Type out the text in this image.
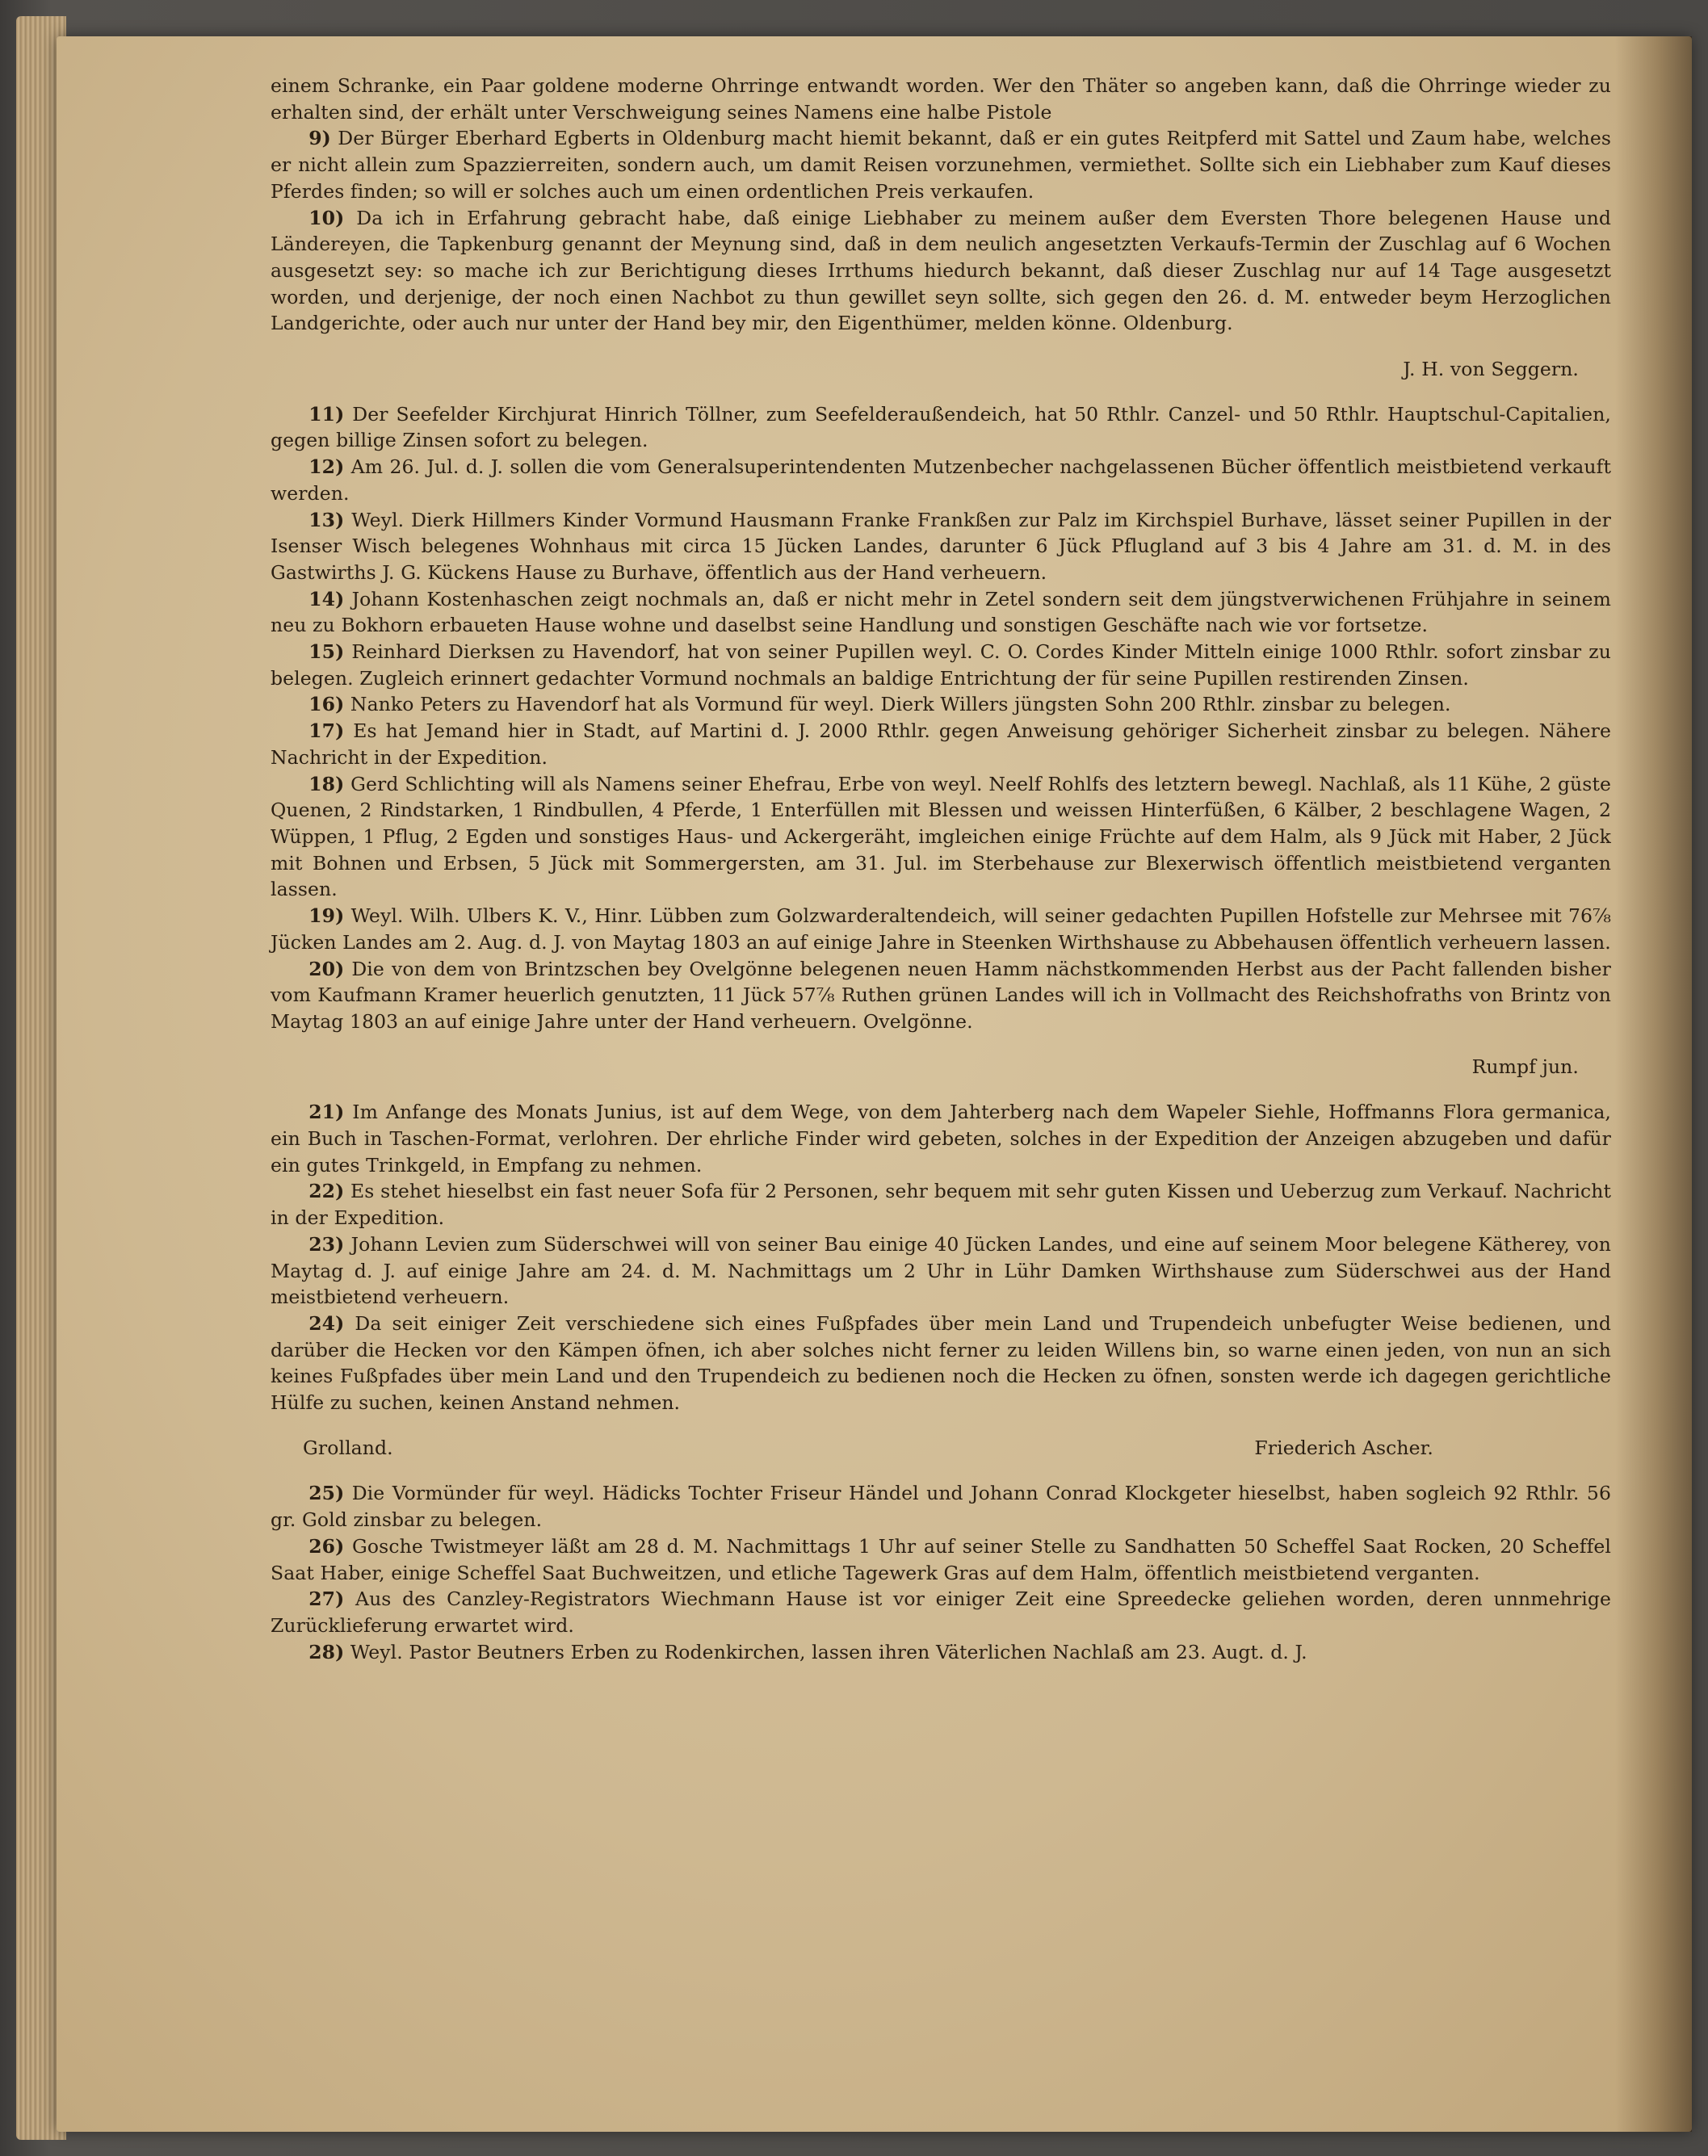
einem Schranke, ein Paar goldene moderne Ohrringe entwandt worden. Wer den Thäter so angeben kann, daß die Ohrringe wieder zu erhalten sind, der erhält unter Verschweigung seines Namens eine halbe Pistole

  9) Der Bürger Eberhard Egberts in Oldenburg macht hiemit bekannt, daß er ein gutes Reitpferd mit Sattel und Zaum habe, welches er nicht allein zum Spazzierreiten, sondern auch, um damit Reisen vorzunehmen, vermiethet. Sollte sich ein Liebhaber zum Kauf dieses Pferdes finden; so will er solches auch um einen ordentlichen Preis verkaufen.

  10) Da ich in Erfahrung gebracht habe, daß einige Liebhaber zu meinem außer dem Eversten Thore belegenen Hause und Ländereyen, die Tapkenburg genannt der Meynung sind, daß in dem neulich angesetzten Verkaufs-Termin der Zuschlag auf 6 Wochen ausgesetzt sey: so mache ich zur Berichtigung dieses Irrthums hiedurch bekannt, daß dieser Zuschlag nur auf 14 Tage ausgesetzt worden, und derjenige, der noch einen Nachbot zu thun gewillet seyn sollte, sich gegen den 26. d. M. entweder beym Herzoglichen Landgerichte, oder auch nur unter der Hand bey mir, den Eigenthümer, melden könne. Oldenburg.

J. H. von Seggern.

  11) Der Seefelder Kirchjurat Hinrich Töllner, zum Seefelderaußendeich, hat 50 Rthlr. Canzel- und 50 Rthlr. Hauptschul-Capitalien, gegen billige Zinsen sofort zu belegen.

  12) Am 26. Jul. d. J. sollen die vom Generalsuperintendenten Mutzenbecher nachgelassenen Bücher öffentlich meistbietend verkauft werden.

  13) Weyl. Dierk Hillmers Kinder Vormund Hausmann Franke Frankßen zur Palz im Kirchspiel Burhave, lässet seiner Pupillen in der Isenser Wisch belegenes Wohnhaus mit circa 15 Jücken Landes, darunter 6 Jück Pflugland auf 3 bis 4 Jahre am 31. d. M. in des Gastwirths J. G. Kückens Hause zu Burhave, öffentlich aus der Hand verheuern.

  14) Johann Kostenhaschen zeigt nochmals an, daß er nicht mehr in Zetel sondern seit dem jüngstverwichenen Frühjahre in seinem neu zu Bokhorn erbaueten Hause wohne und daselbst seine Handlung und sonstigen Geschäfte nach wie vor fortsetze.

  15) Reinhard Dierksen zu Havendorf, hat von seiner Pupillen weyl. C. O. Cordes Kinder Mitteln einige 1000 Rthlr. sofort zinsbar zu belegen. Zugleich erinnert gedachter Vormund nochmals an baldige Entrichtung der für seine Pupillen restirenden Zinsen.

  16) Nanko Peters zu Havendorf hat als Vormund für weyl. Dierk Willers jüngsten Sohn 200 Rthlr. zinsbar zu belegen.

  17) Es hat Jemand hier in Stadt, auf Martini d. J. 2000 Rthlr. gegen Anweisung gehöriger Sicherheit zinsbar zu belegen. Nähere Nachricht in der Expedition.

  18) Gerd Schlichting will als Namens seiner Ehefrau, Erbe von weyl. Neelf Rohlfs des letztern bewegl. Nachlaß, als 11 Kühe, 2 güste Quenen, 2 Rindstarken, 1 Rindbullen, 4 Pferde, 1 Enterfüllen mit Blessen und weissen Hinterfüßen, 6 Kälber, 2 beschlagene Wagen, 2 Wüppen, 1 Pflug, 2 Egden und sonstiges Haus- und Ackergeräht, imgleichen einige Früchte auf dem Halm, als 9 Jück mit Haber, 2 Jück mit Bohnen und Erbsen, 5 Jück mit Sommergersten, am 31. Jul. im Sterbehause zur Blexerwisch öffentlich meistbietend verganten lassen.

  19) Weyl. Wilh. Ulbers K. V., Hinr. Lübben zum Golzwarderaltendeich, will seiner gedachten Pupillen Hofstelle zur Mehrsee mit 76⅞ Jücken Landes am 2. Aug. d. J. von Maytag 1803 an auf einige Jahre in Steenken Wirthshause zu Abbehausen öffentlich verheuern lassen.

  20) Die von dem von Brintzschen bey Ovelgönne belegenen neuen Hamm nächstkommenden Herbst aus der Pacht fallenden bisher vom Kaufmann Kramer heuerlich genutzten, 11 Jück 57⅞ Ruthen grünen Landes will ich in Vollmacht des Reichshofraths von Brintz von Maytag 1803 an auf einige Jahre unter der Hand verheuern. Ovelgönne.

Rumpf jun.

  21) Im Anfange des Monats Junius, ist auf dem Wege, von dem Jahterberg nach dem Wapeler Siehle, Hoffmanns Flora germanica, ein Buch in Taschen-Format, verlohren. Der ehrliche Finder wird gebeten, solches in der Expedition der Anzeigen abzugeben und dafür ein gutes Trinkgeld, in Empfang zu nehmen.

  22) Es stehet hieselbst ein fast neuer Sofa für 2 Personen, sehr bequem mit sehr guten Kissen und Ueberzug zum Verkauf. Nachricht in der Expedition.

  23) Johann Levien zum Süderschwei will von seiner Bau einige 40 Jücken Landes, und eine auf seinem Moor belegene Kätherey, von Maytag d. J. auf einige Jahre am 24. d. M. Nachmittags um 2 Uhr in Lühr Damken Wirthshause zum Süderschwei aus der Hand meistbietend verheuern.

  24) Da seit einiger Zeit verschiedene sich eines Fußpfades über mein Land und Trupendeich unbefugter Weise bedienen, und darüber die Hecken vor den Kämpen öfnen, ich aber solches nicht ferner zu leiden Willens bin, so warne einen jeden, von nun an sich keines Fußpfades über mein Land und den Trupendeich zu bedienen noch die Hecken zu öfnen, sonsten werde ich dagegen gerichtliche Hülfe zu suchen, keinen Anstand nehmen.

Grolland.	Friederich Ascher.

  25) Die Vormünder für weyl. Hädicks Tochter Friseur Händel und Johann Conrad Klockgeter hieselbst, haben sogleich 92 Rthlr. 56 gr. Gold zinsbar zu belegen.

  26) Gosche Twistmeyer läßt am 28 d. M. Nachmittags 1 Uhr auf seiner Stelle zu Sandhatten 50 Scheffel Saat Rocken, 20 Scheffel Saat Haber, einige Scheffel Saat Buchweitzen, und etliche Tagewerk Gras auf dem Halm, öffentlich meistbietend verganten.

  27) Aus des Canzley-Registrators Wiechmann Hause ist vor einiger Zeit eine Spreedecke geliehen worden, deren unnmehrige Zurücklieferung erwartet wird.

  28) Weyl. Pastor Beutners Erben zu Rodenkirchen, lassen ihren Väterlichen Nachlaß am 23. Augt. d. J.
